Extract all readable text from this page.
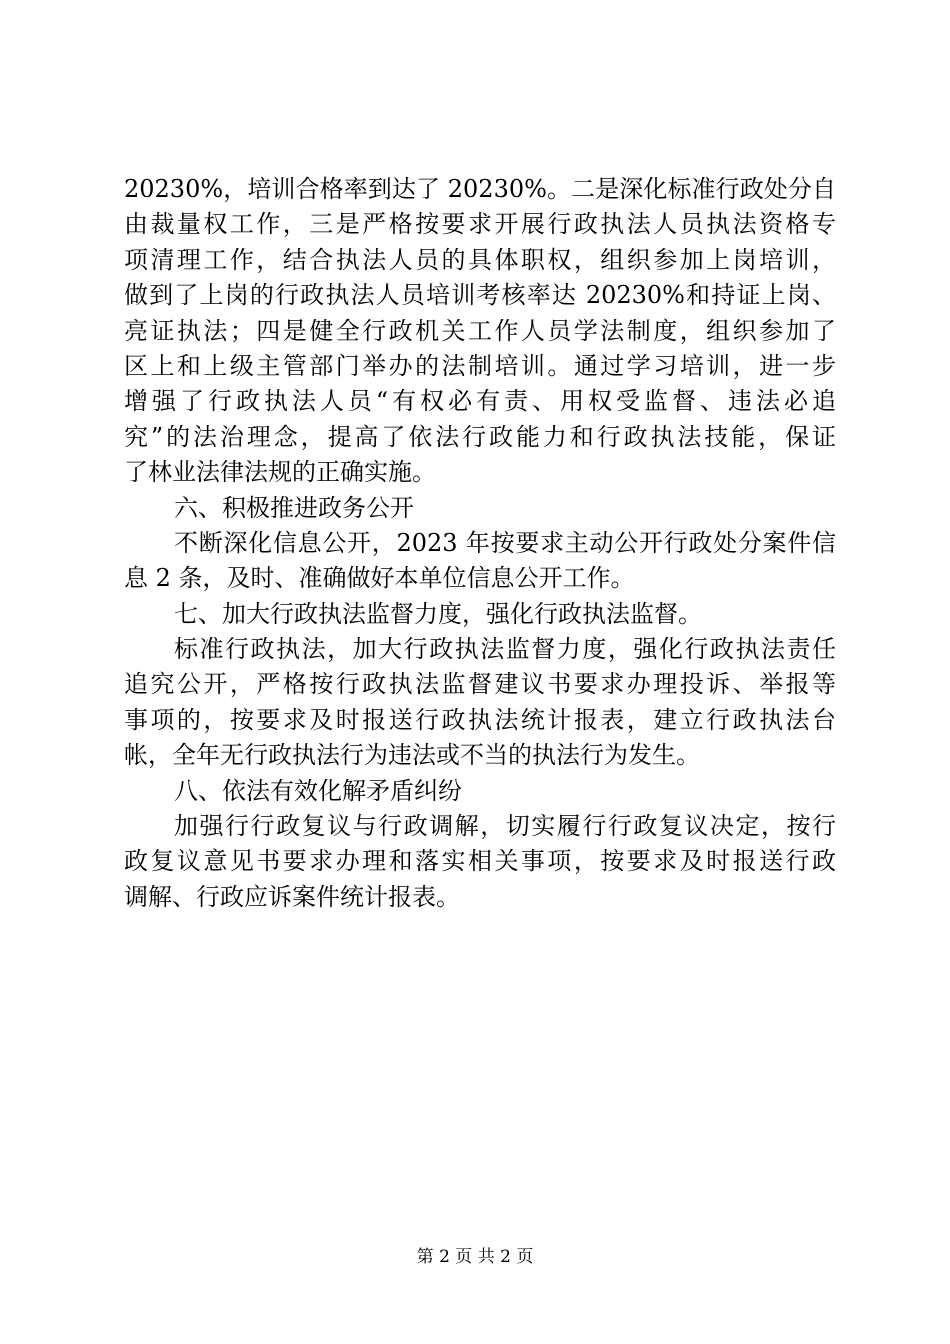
20230%，培训合格率到达了 20230%。二是深化标准行政处分自
由裁量权工作，三是严格按要求开展行政执法人员执法资格专
项清理工作，结合执法人员的具体职权，组织参加上岗培训，
做到了上岗的行政执法人员培训考核率达 20230%和持证上岗、
亮证执法；四是健全行政机关工作人员学法制度，组织参加了
区上和上级主管部门举办的法制培训。通过学习培训，进一步
增强了行政执法人员“有权必有责、用权受监督、违法必追
究”的法治理念，提高了依法行政能力和行政执法技能，保证
了林业法律法规的正确实施。
六、积极推进政务公开
不断深化信息公开，2023 年按要求主动公开行政处分案件信
息 2 条，及时、准确做好本单位信息公开工作。
七、加大行政执法监督力度，强化行政执法监督。
标准行政执法，加大行政执法监督力度，强化行政执法责任
追究公开，严格按行政执法监督建议书要求办理投诉、举报等
事项的，按要求及时报送行政执法统计报表，建立行政执法台
帐，全年无行政执法行为违法或不当的执法行为发生。
八、依法有效化解矛盾纠纷
加强行行政复议与行政调解，切实履行行政复议决定，按行
政复议意见书要求办理和落实相关事项，按要求及时报送行政
调解、行政应诉案件统计报表。
第 2 页 共 2 页
